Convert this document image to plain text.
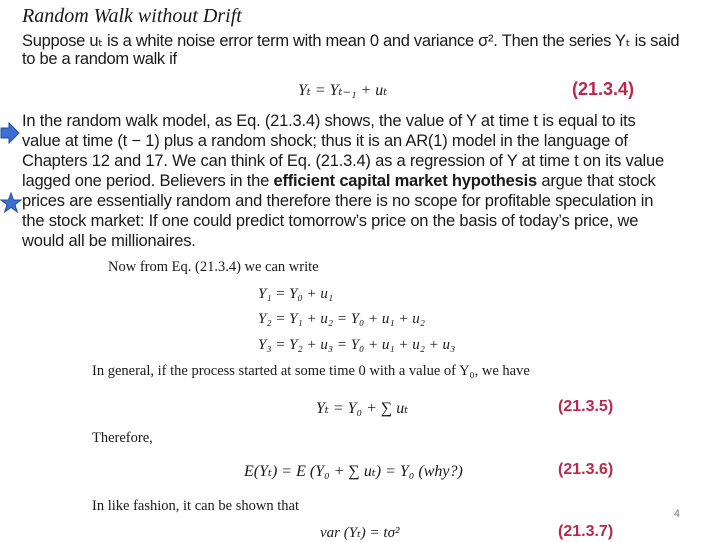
Random Walk without Drift
Suppose uₜ is a white noise error term with mean 0 and variance σ². Then the series Yₜ is said
to be a random walk if
Yₜ = Yₜ₋₁ + uₜ	(21.3.4)
In the random walk model, as Eq. (21.3.4) shows, the value of Y at time t is equal to its
value at time (t − 1) plus a random shock; thus it is an AR(1) model in the language of
Chapters 12 and 17. We can think of Eq. (21.3.4) as a regression of Y at time t on its value
lagged one period. Believers in the efficient capital market hypothesis argue that stock
prices are essentially random and therefore there is no scope for profitable speculation in
the stock market: If one could predict tomorrow’s price on the basis of today’s price, we
would all be millionaires.
Now from Eq. (21.3.4) we can write
Y₁ = Y₀ + u₁
Y₂ = Y₁ + u₂ = Y₀ + u₁ + u₂
Y₃ = Y₂ + u₃ = Y₀ + u₁ + u₂ + u₃
In general, if the process started at some time 0 with a value of Y₀, we have
Yₜ = Y₀ + ∑ uₜ	(21.3.5)
Therefore,
E(Yₜ) = E (Y₀ + ∑ uₜ) = Y₀ (why?)	(21.3.6)
In like fashion, it can be shown that
var (Yₜ) = tσ²	(21.3.7)
4
